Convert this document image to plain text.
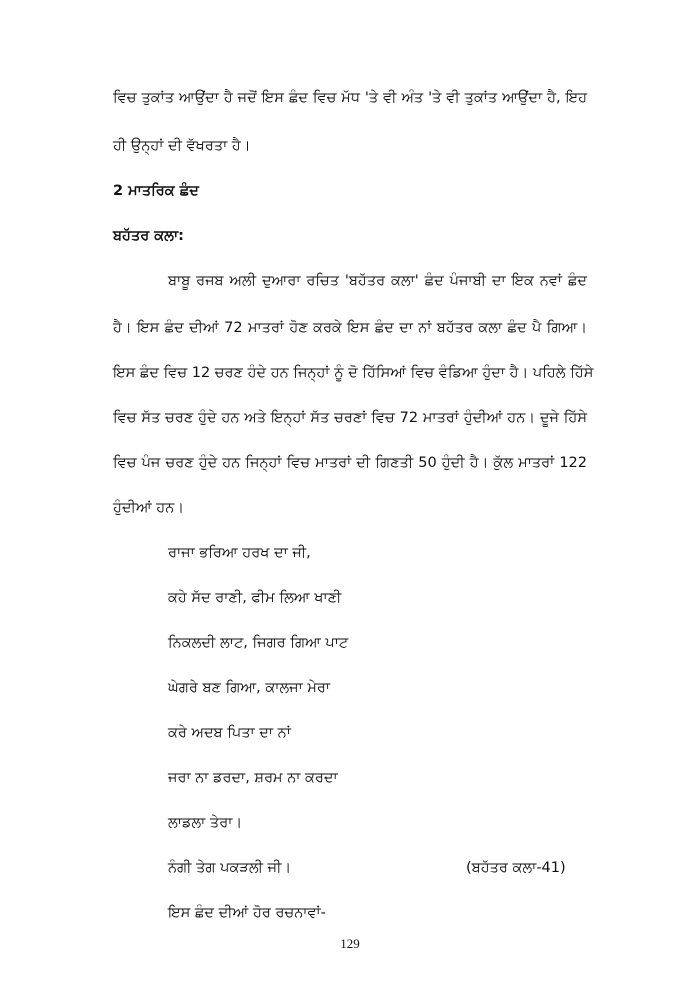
ਵਿਚ ਤੁਕਾਂਤ ਆਉਂਦਾ ਹੈ ਜਦੋਂ ਇਸ ਛੰਦ ਵਿਚ ਮੱਧ 'ਤੇ ਵੀ ਅੰਤ 'ਤੇ ਵੀ ਤੁਕਾਂਤ ਆਉਂਦਾ ਹੈ, ਇਹ
ਹੀ ਉਨ੍ਹਾਂ ਦੀ ਵੱਖਰਤਾ ਹੈ।
2 ਮਾਤਰਿਕ ਛੰਦ
ਬਹੱਤਰ ਕਲਾ:
ਬਾਬੂ ਰਜਬ ਅਲੀ ਦੁਆਰਾ ਰਚਿਤ 'ਬਹੱਤਰ ਕਲਾ' ਛੰਦ ਪੰਜਾਬੀ ਦਾ ਇਕ ਨਵਾਂ ਛੰਦ
ਹੈ। ਇਸ ਛੰਦ ਦੀਆਂ 72 ਮਾਤਰਾਂ ਹੋਣ ਕਰਕੇ ਇਸ ਛੰਦ ਦਾ ਨਾਂ ਬਹੱਤਰ ਕਲਾ ਛੰਦ ਪੈ ਗਿਆ।
ਇਸ ਛੰਦ ਵਿਚ 12 ਚਰਣ ਹੰਦੇ ਹਨ ਜਿਨ੍ਹਾਂ ਨੂੰ ਦੋ ਹਿੱਸਿਆਂ ਵਿਚ ਵੰਡਿਆ ਹੁੰਦਾ ਹੈ। ਪਹਿਲੇ ਹਿੱਸੇ
ਵਿਚ ਸੱਤ ਚਰਣ ਹੁੰਦੇ ਹਨ ਅਤੇ ਇਨ੍ਹਾਂ ਸੱਤ ਚਰਣਾਂ ਵਿਚ 72 ਮਾਤਰਾਂ ਹੁੰਦੀਆਂ ਹਨ। ਦੂਜੇ ਹਿੱਸੇ
ਵਿਚ ਪੰਜ ਚਰਣ ਹੁੰਦੇ ਹਨ ਜਿਨ੍ਹਾਂ ਵਿਚ ਮਾਤਰਾਂ ਦੀ ਗਿਣਤੀ 50 ਹੁੰਦੀ ਹੈ। ਕੁੱਲ ਮਾਤਰਾਂ 122
ਹੁੰਦੀਆਂ ਹਨ।
ਰਾਜਾ ਭਰਿਆ ਹਰਖ ਦਾ ਜੀ,
ਕਹੇ ਸੱਦ ਰਾਣੀ, ਫੀਮ ਲਿਆ ਖਾਣੀ
ਨਿਕਲਦੀ ਲਾਟ, ਜਿਗਰ ਗਿਆ ਪਾਟ
ਘੇਗਰੇ ਬਣ ਗਿਆ, ਕਾਲਜਾ ਮੇਰਾ
ਕਰੇ ਅਦਬ ਪਿਤਾ ਦਾ ਨਾਂ
ਜਰਾ ਨਾ ਡਰਦਾ, ਸ਼ਰਮ ਨਾ ਕਰਦਾ
ਲਾਡਲਾ ਤੇਰਾ।
ਨੰਗੀ ਤੇਗ ਪਕੜਲੀ ਜੀ।	(ਬਹੱਤਰ ਕਲਾ-41)
ਇਸ ਛੰਦ ਦੀਆਂ ਹੋਰ ਰਚਨਾਵਾਂ-
129
